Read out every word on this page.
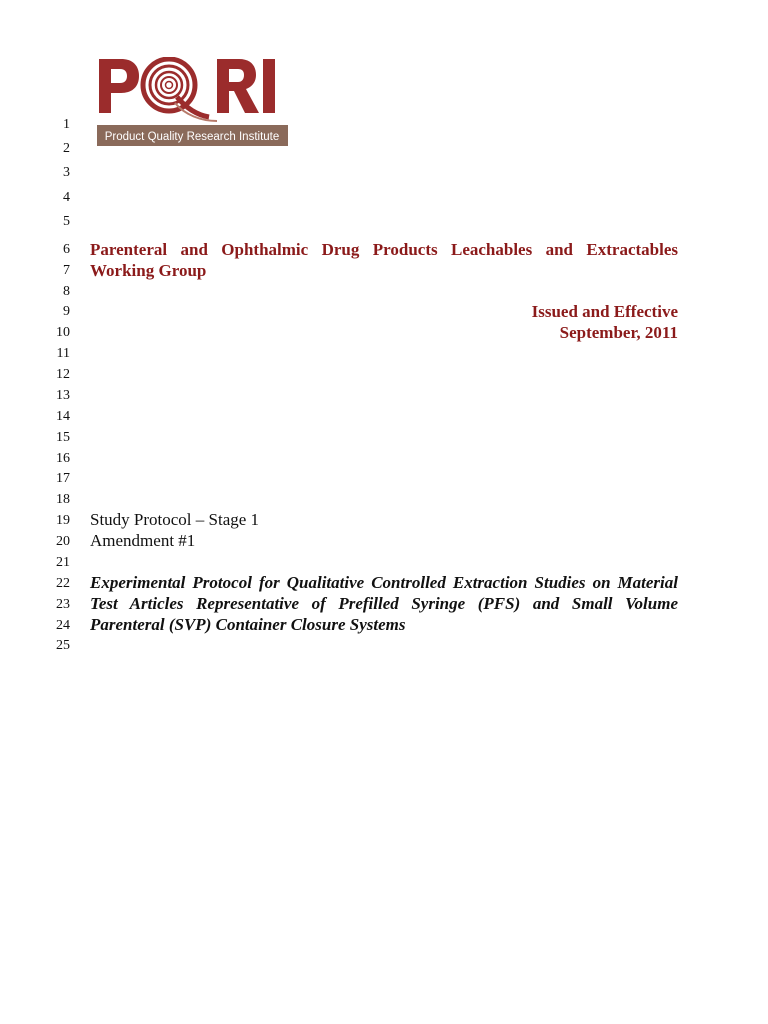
Product Quality Research Institute
1
2
3
4
5
6
7
8
9
10
11
12
13
14
15
16
17
18
19
20
21
22
23
24
25
Parenteral and Ophthalmic Drug Products Leachables and Extractables
Working Group
Issued and Effective
September, 2011
Study Protocol – Stage 1
Amendment #1
Experimental Protocol for Qualitative Controlled Extraction Studies on Material
Test Articles Representative of Prefilled Syringe (PFS) and Small Volume
Parenteral (SVP) Container Closure Systems
